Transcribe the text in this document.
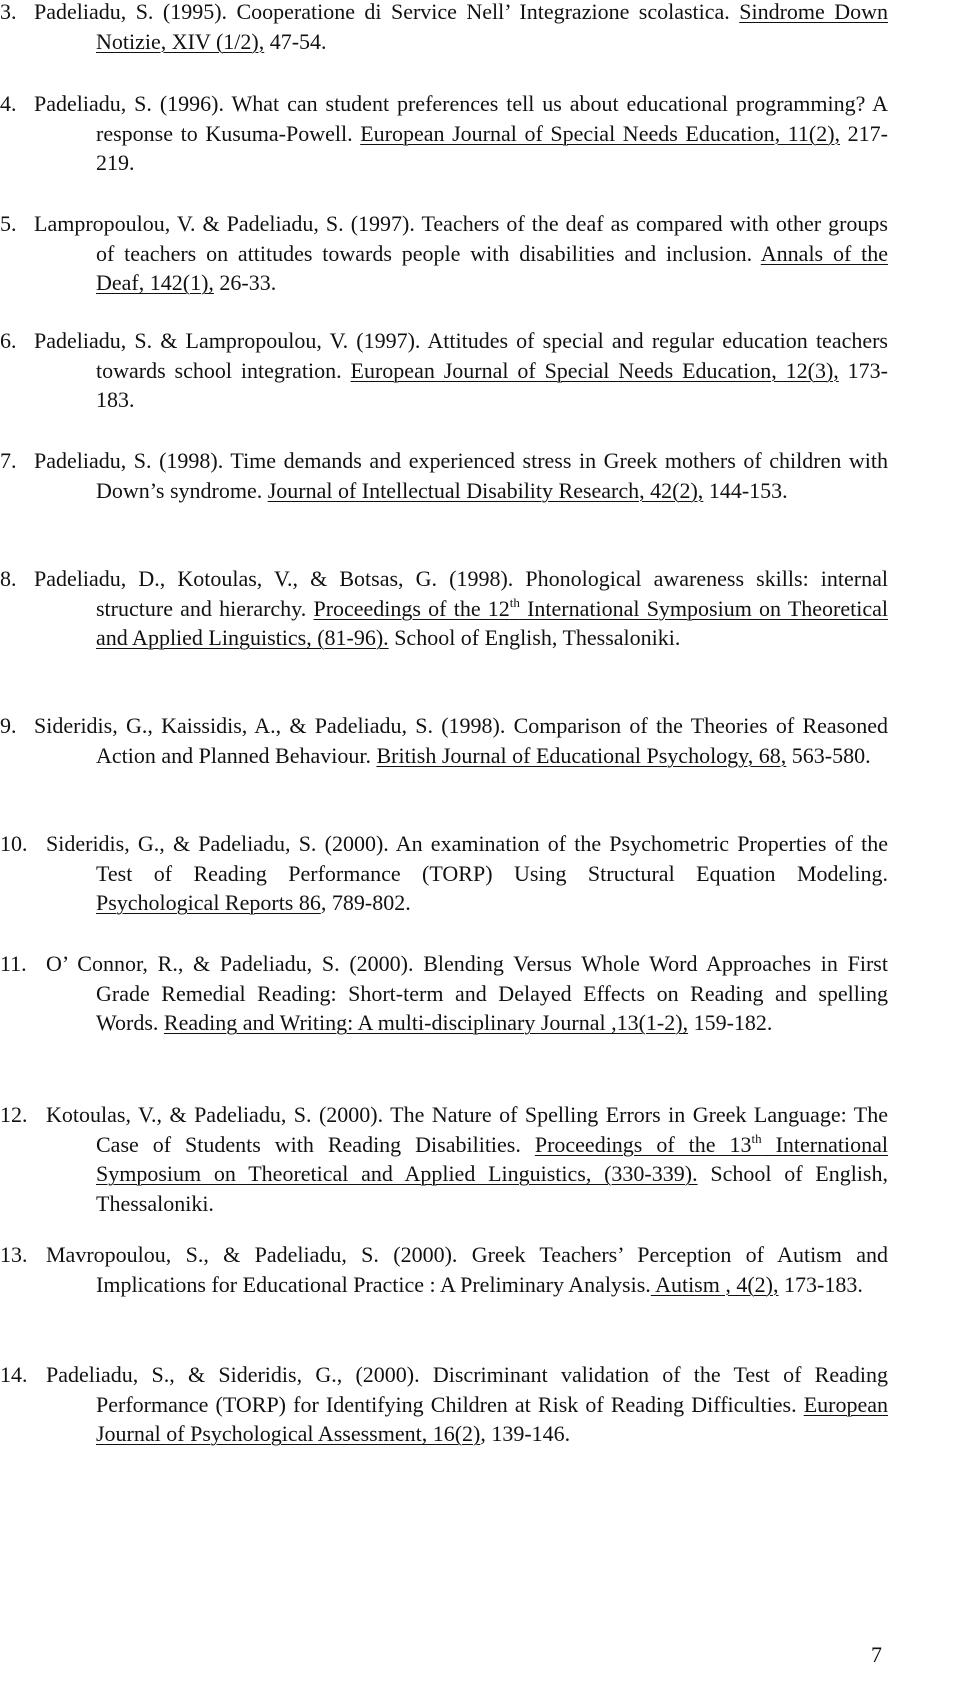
3. Padeliadu, S. (1995). Cooperatione di Service Nell’ Integrazione scolastica. Sindrome Down Notizie, XIV (1/2), 47-54.

4. Padeliadu, S. (1996). What can student preferences tell us about educational programming? A response to Kusuma-Powell. European Journal of Special Needs Education, 11(2), 217-219.

5. Lampropoulou, V. & Padeliadu, S. (1997). Teachers of the deaf as compared with other groups of teachers on attitudes towards people with disabilities and inclusion. Annals of the Deaf, 142(1), 26-33.

6. Padeliadu, S. & Lampropoulou, V. (1997). Attitudes of special and regular education teachers towards school integration. European Journal of Special Needs Education, 12(3), 173-183.

7. Padeliadu, S. (1998). Time demands and experienced stress in Greek mothers of children with Down’s syndrome. Journal of Intellectual Disability Research, 42(2), 144-153.

8. Padeliadu, D., Kotoulas, V., & Botsas, G. (1998). Phonological awareness skills: internal structure and hierarchy. Proceedings of the 12th International Symposium on Theoretical and Applied Linguistics, (81-96). School of English, Thessaloniki.

9. Sideridis, G., Kaissidis, A., & Padeliadu, S. (1998). Comparison of the Theories of Reasoned Action and Planned Behaviour. British Journal of Educational Psychology, 68, 563-580.

10. Sideridis, G., & Padeliadu, S. (2000). An examination of the Psychometric Properties of the Test of Reading Performance (TORP) Using Structural Equation Modeling. Psychological Reports 86, 789-802.

11. O’ Connor, R., & Padeliadu, S. (2000). Blending Versus Whole Word Approaches in First Grade Remedial Reading: Short-term and Delayed Effects on Reading and spelling Words. Reading and Writing: A multi-disciplinary Journal ,13(1-2), 159-182.

12. Kotoulas, V., & Padeliadu, S. (2000). The Nature of Spelling Errors in Greek Language: The Case of Students with Reading Disabilities. Proceedings of the 13th International Symposium on Theoretical and Applied Linguistics, (330-339). School of English, Thessaloniki.

13. Mavropoulou, S., & Padeliadu, S. (2000). Greek Teachers’ Perception of Autism and Implications for Educational Practice : A Preliminary Analysis. Autism , 4(2), 173-183.

14. Padeliadu, S., & Sideridis, G., (2000). Discriminant validation of the Test of Reading Performance (TORP) for Identifying Children at Risk of Reading Difficulties. European Journal of Psychological Assessment, 16(2), 139-146.

7
